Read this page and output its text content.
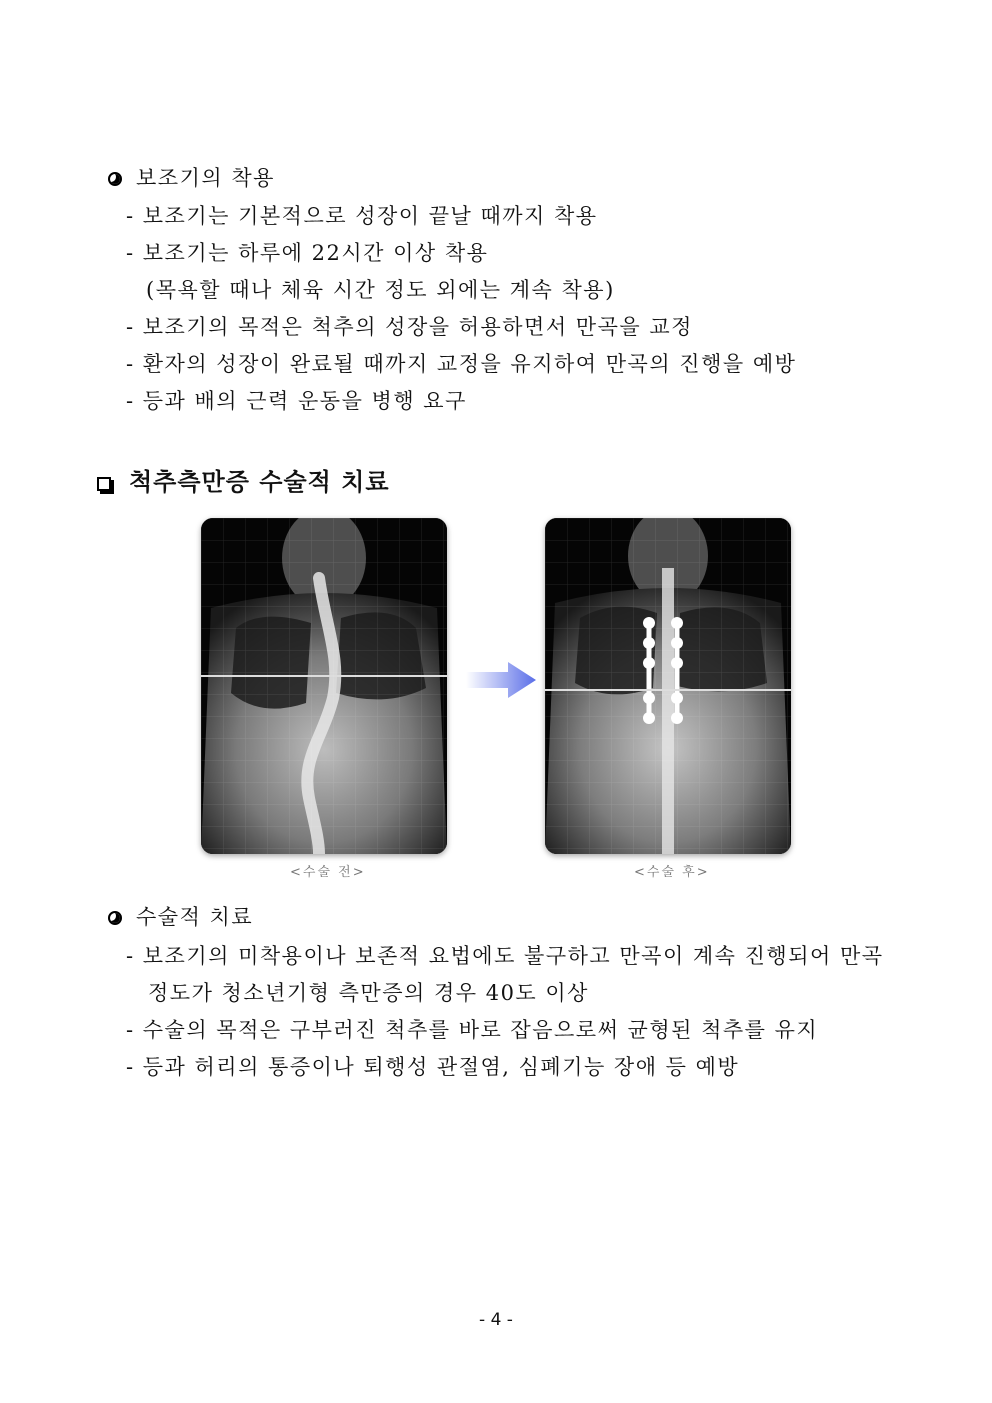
보조기의 착용
- 보조기는 기본적으로 성장이 끝날 때까지 착용
- 보조기는 하루에 22시간 이상 착용
(목욕할 때나 체육 시간 정도 외에는 계속 착용)
- 보조기의 목적은 척추의 성장을 허용하면서 만곡을 교정
- 환자의 성장이 완료될 때까지 교정을 유지하여 만곡의 진행을 예방
- 등과 배의 근력 운동을 병행 요구
척추측만증 수술적 치료
<수술 전>	<수술 후>
수술적 치료
- 보조기의 미착용이나 보존적 요법에도 불구하고 만곡이 계속 진행되어 만곡
정도가 청소년기형 측만증의 경우 40도 이상
- 수술의 목적은 구부러진 척추를 바로 잡음으로써 균형된 척추를 유지
- 등과 허리의 통증이나 퇴행성 관절염, 심폐기능 장애 등 예방
- 4 -
